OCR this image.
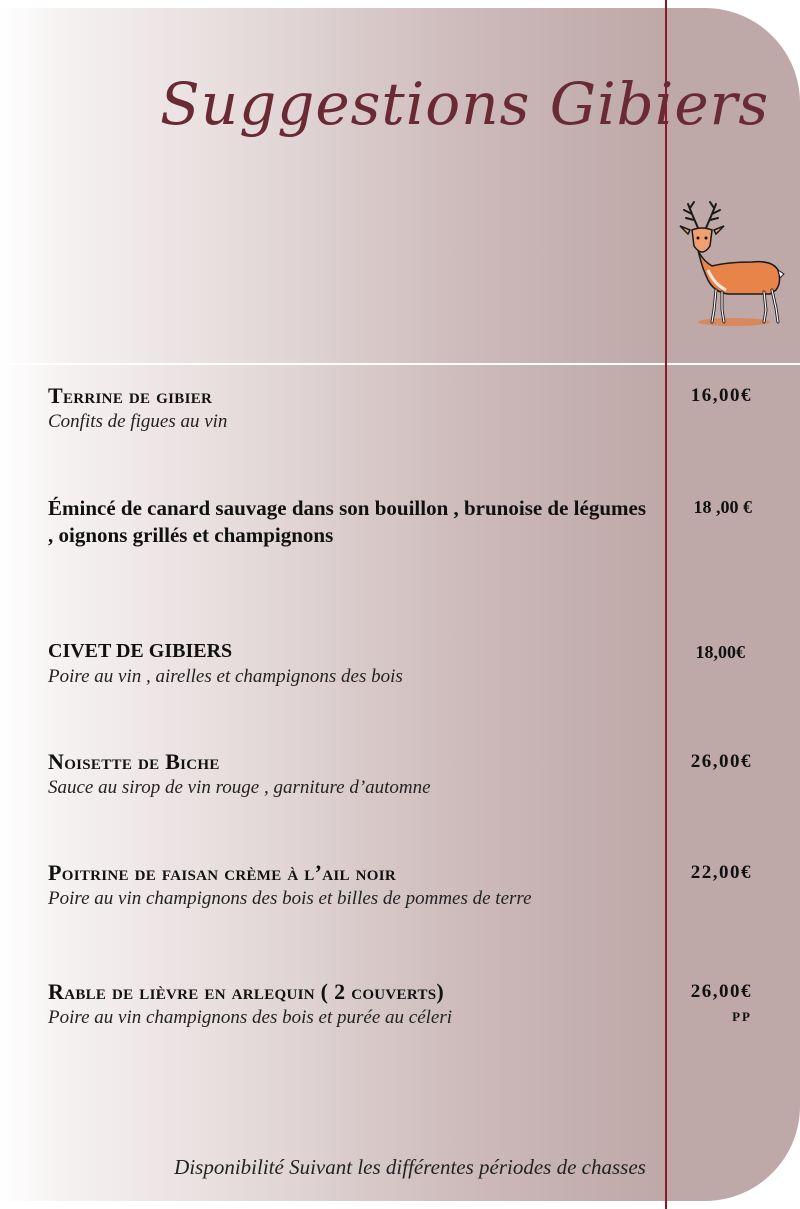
Suggestions Gibiers
Terrine de gibier
Confits de figues au vin
16,00€
Émincé de canard sauvage dans son bouillon , brunoise de légumes , oignons grillés et champignons
18 ,00 €
CIVET DE GIBIERS
Poire au vin , airelles et champignons des bois
18,00€
Noisette de Biche
Sauce au sirop de vin rouge , garniture d’automne
26,00€
Poitrine de faisan crème à l’ail noir
Poire au vin champignons des bois et billes de pommes de terre
22,00€
Rable de lièvre en arlequin ( 2 couverts)
Poire au vin champignons des bois et purée au céleri
26,00€
pp
Disponibilité Suivant les différentes périodes de chasses
